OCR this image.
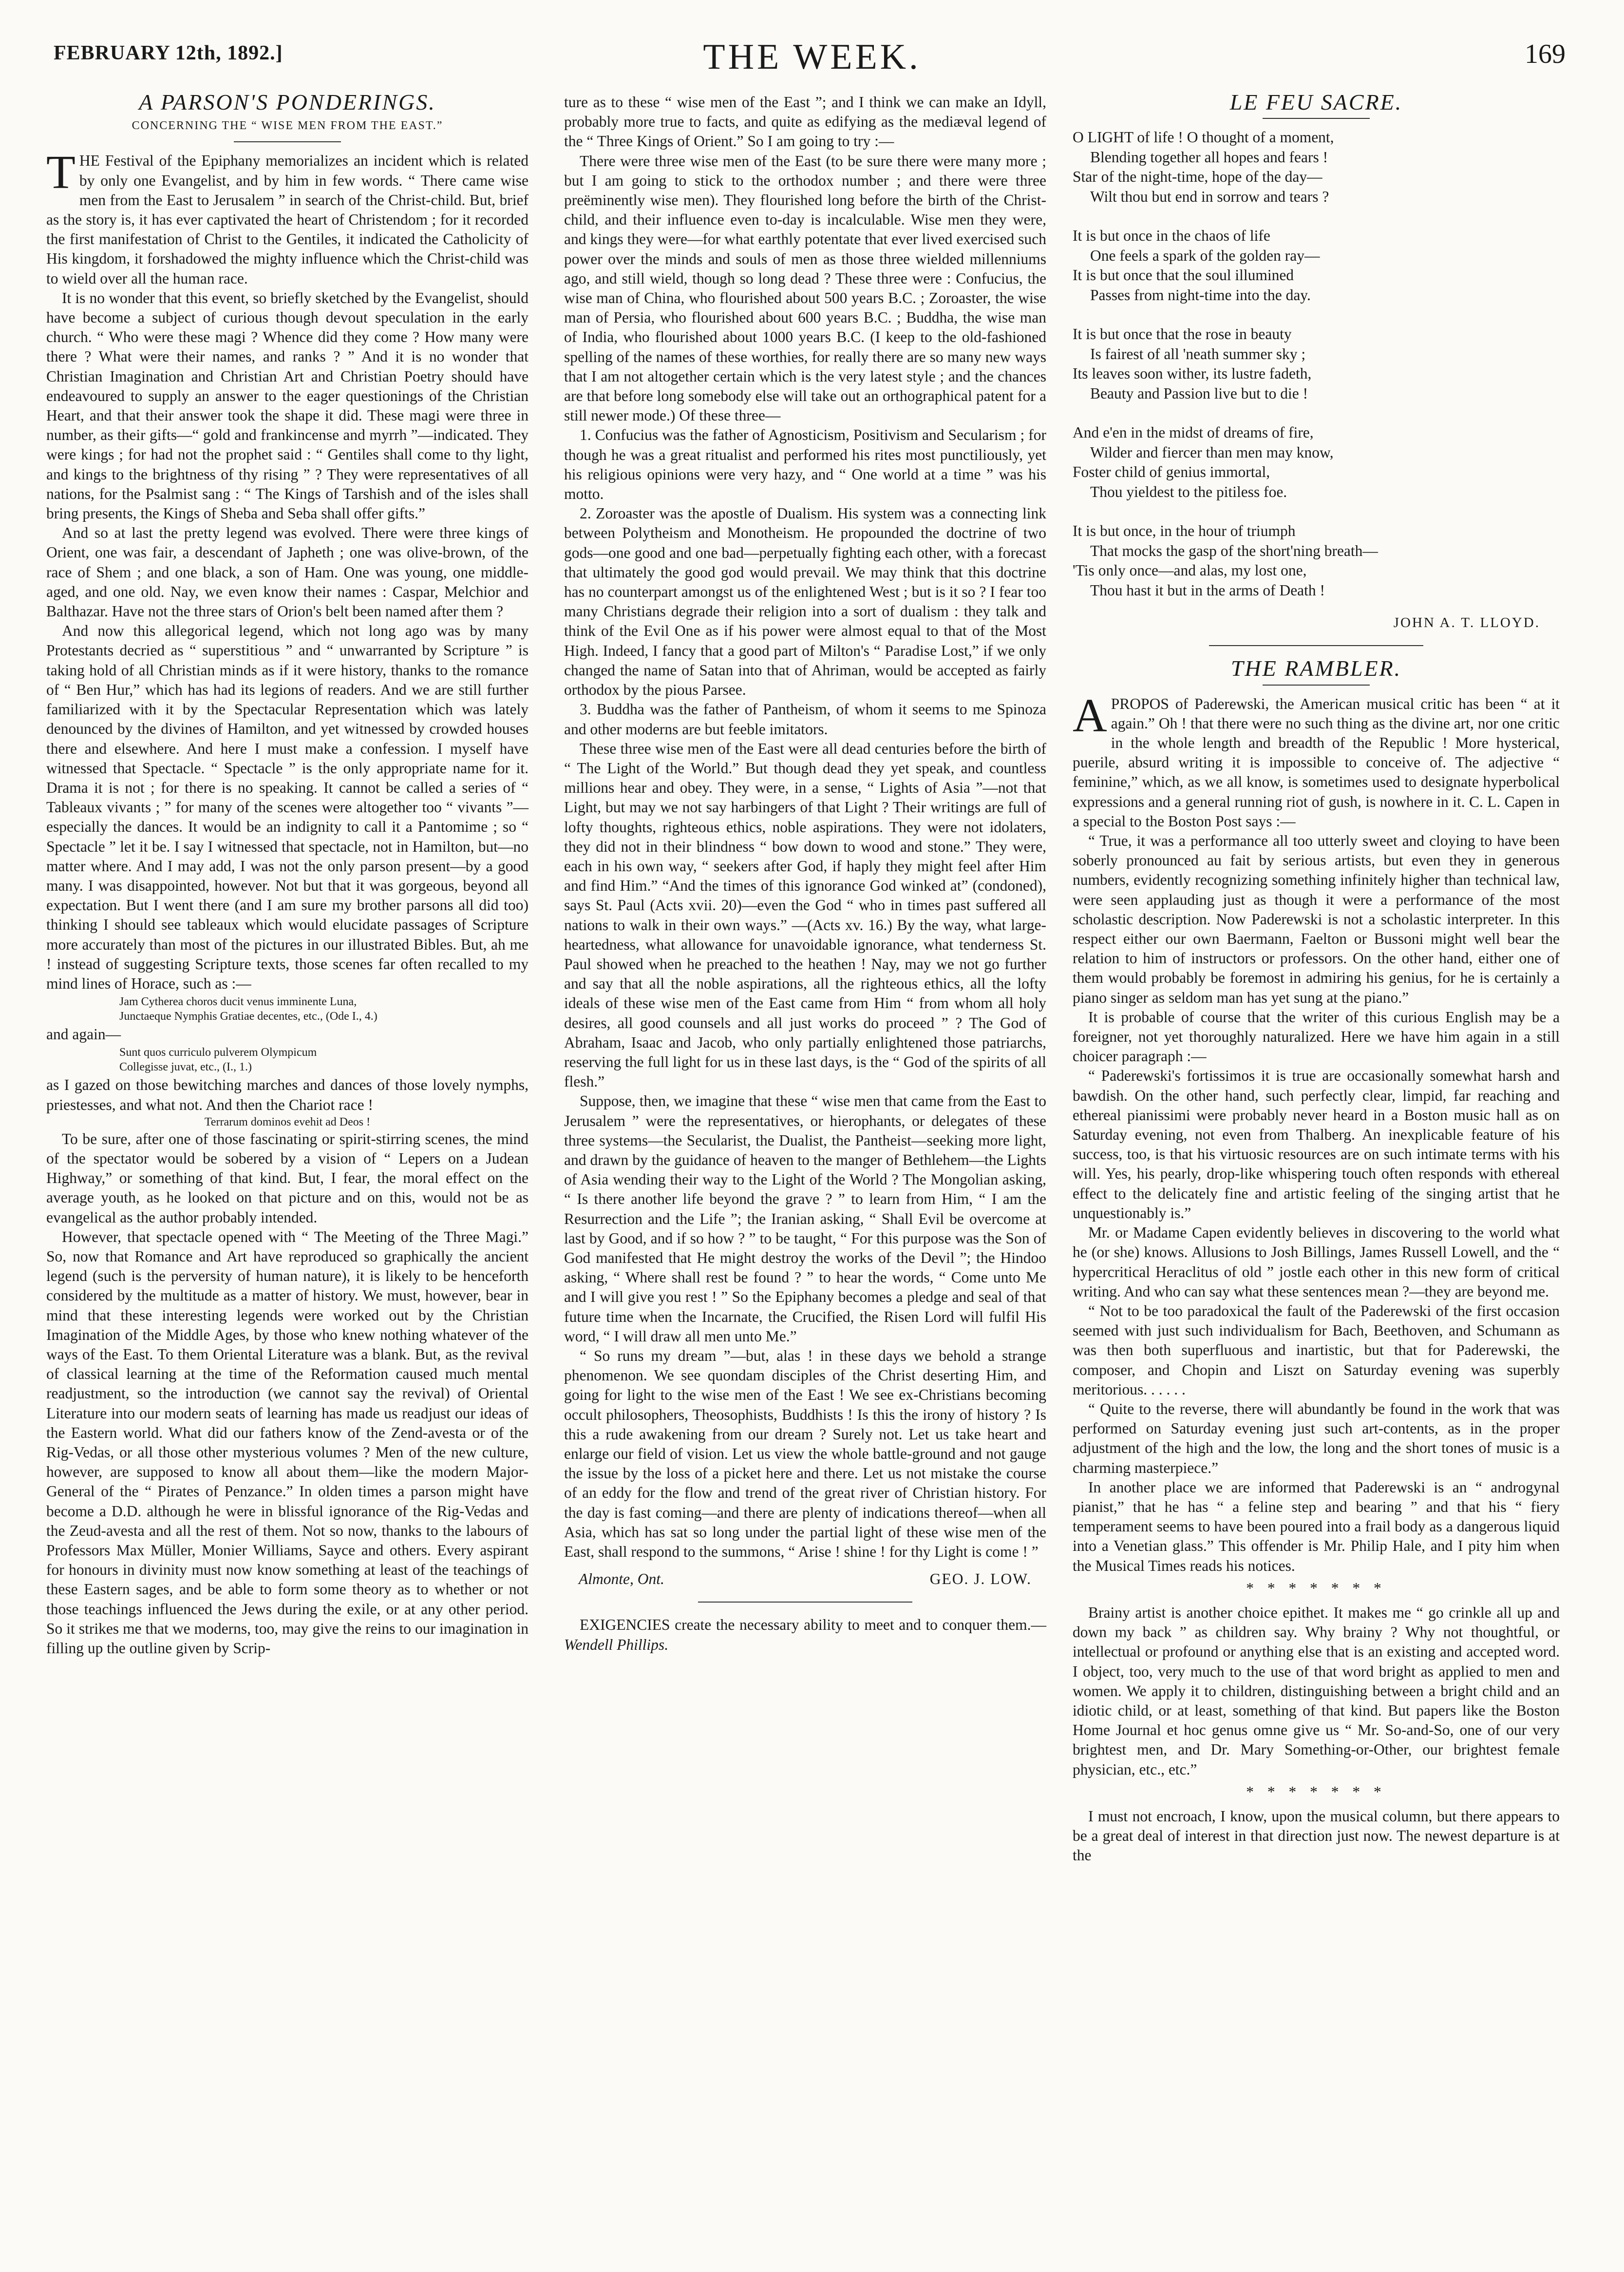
FEBRUARY 12th, 1892.]	THE WEEK.	169
A PARSON'S PONDERINGS.
CONCERNING THE “ WISE MEN FROM THE EAST.”

THE Festival of the Epiphany memorializes an incident which is related by only one Evangelist, and by him in few words. “ There came wise men from the East to Jerusalem ” in search of the Christ-child. But, brief as the story is, it has ever captivated the heart of Christendom ; for it recorded the first manifestation of Christ to the Gentiles, it indicated the Catholicity of His kingdom, it forshadowed the mighty influence which the Christ-child was to wield over all the human race.

It is no wonder that this event, so briefly sketched by the Evangelist, should have become a subject of curious though devout speculation in the early church. “ Who were these magi ? Whence did they come ? How many were there ? What were their names, and ranks ? ” And it is no wonder that Christian Imagination and Christian Art and Christian Poetry should have endeavoured to supply an answer to the eager questionings of the Christian Heart, and that their answer took the shape it did. These magi were three in number, as their gifts—“ gold and frankincense and myrrh ”—indicated. They were kings ; for had not the prophet said : “ Gentiles shall come to thy light, and kings to the brightness of thy rising ” ? They were representatives of all nations, for the Psalmist sang : “ The Kings of Tarshish and of the isles shall bring presents, the Kings of Sheba and Seba shall offer gifts.”

And so at last the pretty legend was evolved. There were three kings of Orient, one was fair, a descendant of Japheth ; one was olive-brown, of the race of Shem ; and one black, a son of Ham. One was young, one middle-aged, and one old. Nay, we even know their names : Caspar, Melchior and Balthazar. Have not the three stars of Orion's belt been named after them ?

And now this allegorical legend, which not long ago was by many Protestants decried as “ superstitious ” and “ unwarranted by Scripture ” is taking hold of all Christian minds as if it were history, thanks to the romance of “ Ben Hur,” which has had its legions of readers. And we are still further familiarized with it by the Spectacular Representation which was lately denounced by the divines of Hamilton, and yet witnessed by crowded houses there and elsewhere. And here I must make a confession. I myself have witnessed that Spectacle. “ Spectacle ” is the only appropriate name for it. Drama it is not ; for there is no speaking. It cannot be called a series of “ Tableaux vivants ; ” for many of the scenes were altogether too “ vivants ”—especially the dances. It would be an indignity to call it a Pantomime ; so “ Spectacle ” let it be. I say I witnessed that spectacle, not in Hamilton, but—no matter where. And I may add, I was not the only parson present—by a good many. I was disappointed, however. Not but that it was gorgeous, beyond all expectation. But I went there (and I am sure my brother parsons all did too) thinking I should see tableaux which would elucidate passages of Scripture more accurately than most of the pictures in our illustrated Bibles. But, ah me ! instead of suggesting Scripture texts, those scenes far often recalled to my mind lines of Horace, such as :—

Jam Cytherea choros ducit venus imminente Luna,
Junctaeque Nymphis Gratiae decentes, etc., (Ode I., 4.)

and again—

Sunt quos curriculo pulverem Olympicum
Collegisse juvat, etc., (I., 1.)

as I gazed on those bewitching marches and dances of those lovely nymphs, priestesses, and what not. And then the Chariot race !

Terrarum dominos evehit ad Deos !

To be sure, after one of those fascinating or spirit-stirring scenes, the mind of the spectator would be sobered by a vision of “ Lepers on a Judean Highway,” or something of that kind. But, I fear, the moral effect on the average youth, as he looked on that picture and on this, would not be as evangelical as the author probably intended.

However, that spectacle opened with “ The Meeting of the Three Magi.” So, now that Romance and Art have reproduced so graphically the ancient legend (such is the perversity of human nature), it is likely to be henceforth considered by the multitude as a matter of history. We must, however, bear in mind that these interesting legends were worked out by the Christian Imagination of the Middle Ages, by those who knew nothing whatever of the ways of the East. To them Oriental Literature was a blank. But, as the revival of classical learning at the time of the Reformation caused much mental readjustment, so the introduction (we cannot say the revival) of Oriental Literature into our modern seats of learning has made us readjust our ideas of the Eastern world. What did our fathers know of the Zend-avesta or of the Rig-Vedas, or all those other mysterious volumes ? Men of the new culture, however, are supposed to know all about them—like the modern Major-General of the “ Pirates of Penzance.” In olden times a parson might have become a D.D. although he were in blissful ignorance of the Rig-Vedas and the Zeud-avesta and all the rest of them. Not so now, thanks to the labours of Professors Max Müller, Monier Williams, Sayce and others. Every aspirant for honours in divinity must now know something at least of the teachings of these Eastern sages, and be able to form some theory as to whether or not those teachings influenced the Jews during the exile, or at any other period. So it strikes me that we moderns, too, may give the reins to our imagination in filling up the outline given by Scrip-

ture as to these “ wise men of the East ”; and I think we can make an Idyll, probably more true to facts, and quite as edifying as the mediæval legend of the “ Three Kings of Orient.” So I am going to try :—

There were three wise men of the East (to be sure there were many more ; but I am going to stick to the orthodox number ; and there were three preëminently wise men). They flourished long before the birth of the Christ-child, and their influence even to-day is incalculable. Wise men they were, and kings they were—for what earthly potentate that ever lived exercised such power over the minds and souls of men as those three wielded millenniums ago, and still wield, though so long dead ? These three were : Confucius, the wise man of China, who flourished about 500 years B.C. ; Zoroaster, the wise man of Persia, who flourished about 600 years B.C. ; Buddha, the wise man of India, who flourished about 1000 years B.C. (I keep to the old-fashioned spelling of the names of these worthies, for really there are so many new ways that I am not altogether certain which is the very latest style ; and the chances are that before long somebody else will take out an orthographical patent for a still newer mode.) Of these three—

1. Confucius was the father of Agnosticism, Positivism and Secularism ; for though he was a great ritualist and performed his rites most punctiliously, yet his religious opinions were very hazy, and “ One world at a time ” was his motto.

2. Zoroaster was the apostle of Dualism. His system was a connecting link between Polytheism and Monotheism. He propounded the doctrine of two gods—one good and one bad—perpetually fighting each other, with a forecast that ultimately the good god would prevail. We may think that this doctrine has no counterpart amongst us of the enlightened West ; but is it so ? I fear too many Christians degrade their religion into a sort of dualism : they talk and think of the Evil One as if his power were almost equal to that of the Most High. Indeed, I fancy that a good part of Milton's “ Paradise Lost,” if we only changed the name of Satan into that of Ahriman, would be accepted as fairly orthodox by the pious Parsee.

3. Buddha was the father of Pantheism, of whom it seems to me Spinoza and other moderns are but feeble imitators.

These three wise men of the East were all dead centuries before the birth of “ The Light of the World.” But though dead they yet speak, and countless millions hear and obey. They were, in a sense, “ Lights of Asia ”—not that Light, but may we not say harbingers of that Light ? Their writings are full of lofty thoughts, righteous ethics, noble aspirations. They were not idolaters, they did not in their blindness “ bow down to wood and stone.” They were, each in his own way, “ seekers after God, if haply they might feel after Him and find Him.” “And the times of this ignorance God winked at” (condoned), says St. Paul (Acts xvii. 20)—even the God “ who in times past suffered all nations to walk in their own ways.” —(Acts xv. 16.) By the way, what large-heartedness, what allowance for unavoidable ignorance, what tenderness St. Paul showed when he preached to the heathen ! Nay, may we not go further and say that all the noble aspirations, all the righteous ethics, all the lofty ideals of these wise men of the East came from Him “ from whom all holy desires, all good counsels and all just works do proceed ” ? The God of Abraham, Isaac and Jacob, who only partially enlightened those patriarchs, reserving the full light for us in these last days, is the “ God of the spirits of all flesh.”

Suppose, then, we imagine that these “ wise men that came from the East to Jerusalem ” were the representatives, or hierophants, or delegates of these three systems—the Secularist, the Dualist, the Pantheist—seeking more light, and drawn by the guidance of heaven to the manger of Bethlehem—the Lights of Asia wending their way to the Light of the World ? The Mongolian asking, “ Is there another life beyond the grave ? ” to learn from Him, “ I am the Resurrection and the Life ”; the Iranian asking, “ Shall Evil be overcome at last by Good, and if so how ? ” to be taught, “ For this purpose was the Son of God manifested that He might destroy the works of the Devil ”; the Hindoo asking, “ Where shall rest be found ? ” to hear the words, “ Come unto Me and I will give you rest ! ” So the Epiphany becomes a pledge and seal of that future time when the Incarnate, the Crucified, the Risen Lord will fulfil His word, “ I will draw all men unto Me.”

“ So runs my dream ”—but, alas ! in these days we behold a strange phenomenon. We see quondam disciples of the Christ deserting Him, and going for light to the wise men of the East ! We see ex-Christians becoming occult philosophers, Theosophists, Buddhists ! Is this the irony of history ? Is this a rude awakening from our dream ? Surely not. Let us take heart and enlarge our field of vision. Let us view the whole battle-ground and not gauge the issue by the loss of a picket here and there. Let us not mistake the course of an eddy for the flow and trend of the great river of Christian history. For the day is fast coming—and there are plenty of indications thereof—when all Asia, which has sat so long under the partial light of these wise men of the East, shall respond to the summons, “ Arise ! shine ! for thy Light is come ! ”

Almonte, Ont.	GEO. J. LOW.

EXIGENCIES create the necessary ability to meet and to conquer them.—Wendell Phillips.

LE FEU SACRE.
O LIGHT of life ! O thought of a moment,
Blending together all hopes and fears !
Star of the night-time, hope of the day—
Wilt thou but end in sorrow and tears ?
It is but once in the chaos of life
One feels a spark of the golden ray—
It is but once that the soul illumined
Passes from night-time into the day.
It is but once that the rose in beauty
Is fairest of all 'neath summer sky ;
Its leaves soon wither, its lustre fadeth,
Beauty and Passion live but to die !
And e'en in the midst of dreams of fire,
Wilder and fiercer than men may know,
Foster child of genius immortal,
Thou yieldest to the pitiless foe.
It is but once, in the hour of triumph
That mocks the gasp of the short'ning breath—
'Tis only once—and alas, my lost one,
Thou hast it but in the arms of Death !
JOHN A. T. LLOYD.
THE RAMBLER.

APROPOS of Paderewski, the American musical critic has been “ at it again.” Oh ! that there were no such thing as the divine art, nor one critic in the whole length and breadth of the Republic ! More hysterical, puerile, absurd writing it is impossible to conceive of. The adjective “ feminine,” which, as we all know, is sometimes used to designate hyperbolical expressions and a general running riot of gush, is nowhere in it. C. L. Capen in a special to the Boston Post says :—

“ True, it was a performance all too utterly sweet and cloying to have been soberly pronounced au fait by serious artists, but even they in generous numbers, evidently recognizing something infinitely higher than technical law, were seen applauding just as though it were a performance of the most scholastic description. Now Paderewski is not a scholastic interpreter. In this respect either our own Baermann, Faelton or Bussoni might well bear the relation to him of instructors or professors. On the other hand, either one of them would probably be foremost in admiring his genius, for he is certainly a piano singer as seldom man has yet sung at the piano.”

It is probable of course that the writer of this curious English may be a foreigner, not yet thoroughly naturalized. Here we have him again in a still choicer paragraph :—

“ Paderewski's fortissimos it is true are occasionally somewhat harsh and bawdish. On the other hand, such perfectly clear, limpid, far reaching and ethereal pianissimi were probably never heard in a Boston music hall as on Saturday evening, not even from Thalberg. An inexplicable feature of his success, too, is that his virtuosic resources are on such intimate terms with his will. Yes, his pearly, drop-like whispering touch often responds with ethereal effect to the delicately fine and artistic feeling of the singing artist that he unquestionably is.”

Mr. or Madame Capen evidently believes in discovering to the world what he (or she) knows. Allusions to Josh Billings, James Russell Lowell, and the “ hypercritical Heraclitus of old ” jostle each other in this new form of critical writing. And who can say what these sentences mean ?—they are beyond me.

“ Not to be too paradoxical the fault of the Paderewski of the first occasion seemed with just such individualism for Bach, Beethoven, and Schumann as was then both superfluous and inartistic, but that for Paderewski, the composer, and Chopin and Liszt on Saturday evening was superbly meritorious. . . . . .

“ Quite to the reverse, there will abundantly be found in the work that was performed on Saturday evening just such art-contents, as in the proper adjustment of the high and the low, the long and the short tones of music is a charming masterpiece.”

In another place we are informed that Paderewski is an “ androgynal pianist,” that he has “ a feline step and bearing ” and that his “ fiery temperament seems to have been poured into a frail body as a dangerous liquid into a Venetian glass.” This offender is Mr. Philip Hale, and I pity him when the Musical Times reads his notices.

* * * * * * *

Brainy artist is another choice epithet. It makes me “ go crinkle all up and down my back ” as children say. Why brainy ? Why not thoughtful, or intellectual or profound or anything else that is an existing and accepted word. I object, too, very much to the use of that word bright as applied to men and women. We apply it to children, distinguishing between a bright child and an idiotic child, or at least, something of that kind. But papers like the Boston Home Journal et hoc genus omne give us “ Mr. So-and-So, one of our very brightest men, and Dr. Mary Something-or-Other, our brightest female physician, etc., etc.”

* * * * * * *

I must not encroach, I know, upon the musical column, but there appears to be a great deal of interest in that direction just now. The newest departure is at the
